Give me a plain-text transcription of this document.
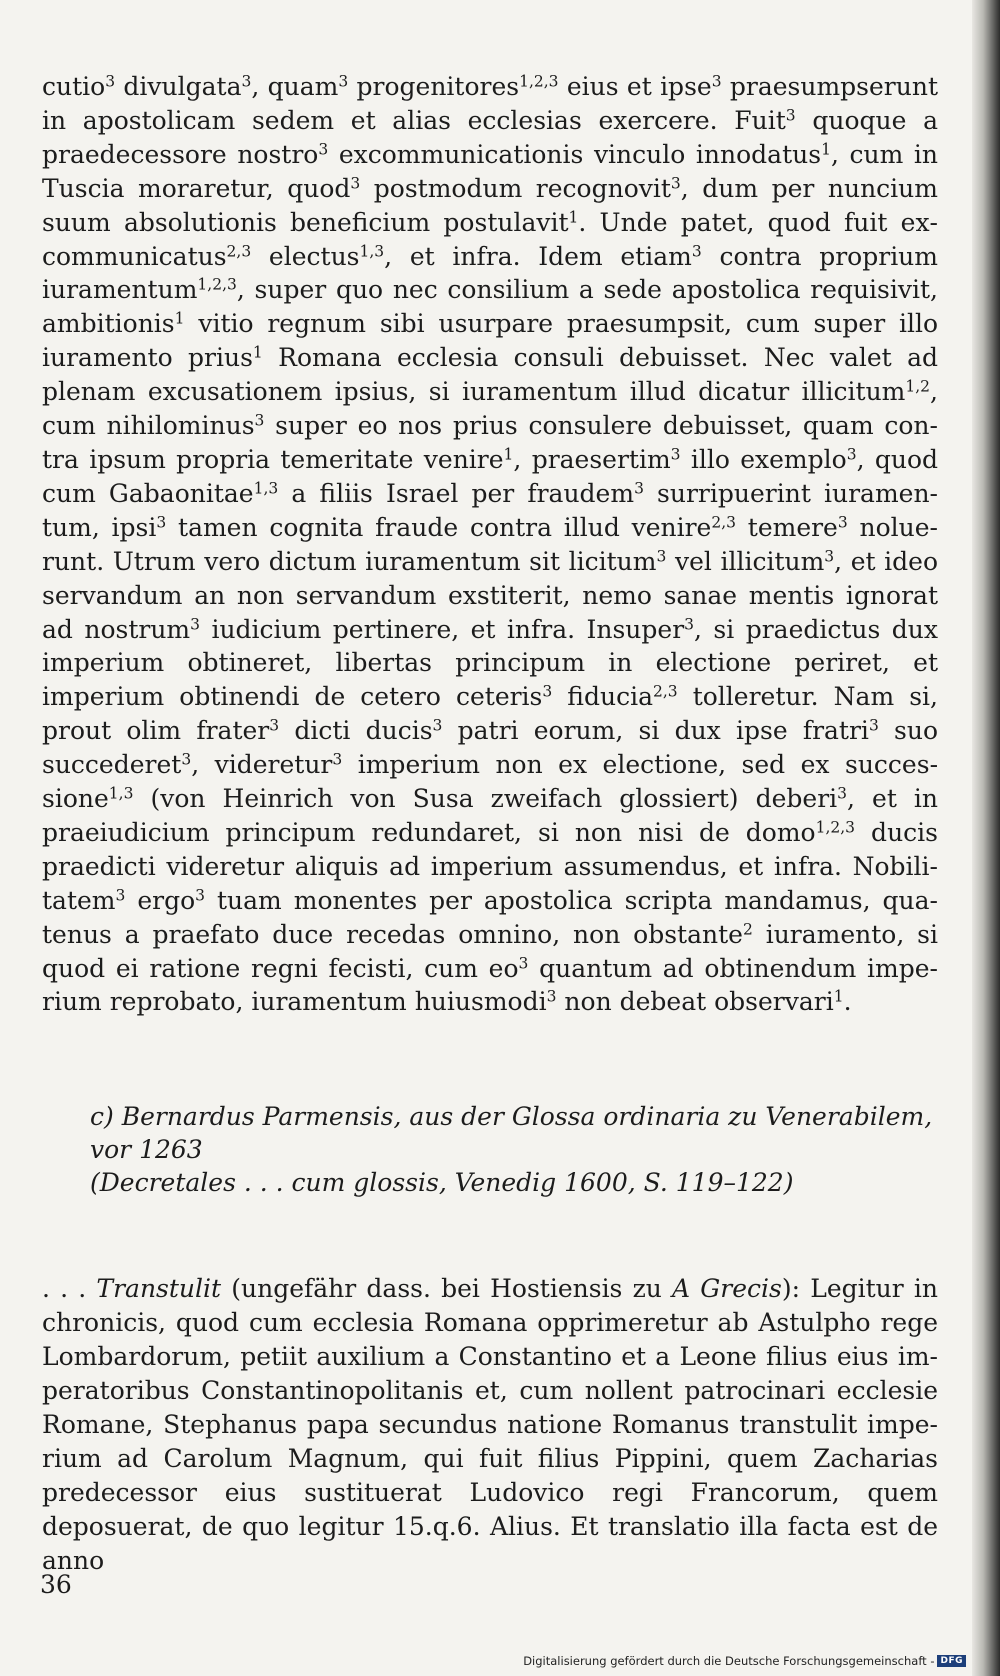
cutio$^3$ divulgata$^3$, quam$^3$ progenitores$^{1,2,3}$ eius et ipse$^3$ praesumpserunt in apostolicam sedem et alias ecclesias exercere. Fuit$^3$ quoque a praedecessore nostro$^3$ excommunicationis vinculo innodatus$^1$, cum in Tuscia moraretur, quod$^3$ postmodum recognovit$^3$, dum per nuncium suum absolutionis beneficium postulavit$^1$. Unde patet, quod fuit excommunicatus$^{2,3}$ electus$^{1,3}$, et infra. Idem etiam$^3$ contra proprium iuramentum$^{1,2,3}$, super quo nec consilium a sede apostolica requisivit, ambitionis$^1$ vitio regnum sibi usurpare praesumpsit, cum super illo iuramento prius$^1$ Romana ecclesia consuli debuisset. Nec valet ad plenam excusationem ipsius, si iuramentum illud dicatur illicitum$^{1,2}$, cum nihilominus$^3$ super eo nos prius consulere debuisset, quam contra ipsum propria temeritate venire$^1$, praesertim$^3$ illo exemplo$^3$, quod cum Gabaonitae$^{1,3}$ a filiis Israel per fraudem$^3$ surripuerint iuramentum, ipsi$^3$ tamen cognita fraude contra illud venire$^{2,3}$ temere$^3$ noluerunt. Utrum vero dictum iuramentum sit licitum$^3$ vel illicitum$^3$, et ideo servandum an non servandum exstiterit, nemo sanae mentis ignorat ad nostrum$^3$ iudicium pertinere, et infra. Insuper$^3$, si praedictus dux imperium obtineret, libertas principum in electione periret, et imperium obtinendi de cetero ceteris$^3$ fiducia$^{2,3}$ tolleretur. Nam si, prout olim frater$^3$ dicti ducis$^3$ patri eorum, si dux ipse fratri$^3$ suo succederet$^3$, videretur$^3$ imperium non ex electione, sed ex successione$^{1,3}$ (von Heinrich von Susa zweifach glossiert) deberi$^3$, et in praeiudicium principum redundaret, si non nisi de domo$^{1,2,3}$ ducis praedicti videretur aliquis ad imperium assumendus, et infra. Nobilitatem$^3$ ergo$^3$ tuam monentes per apostolica scripta mandamus, quatenus a praefato duce recedas omnino, non obstante$^2$ iuramento, si quod ei ratione regni fecisti, cum $eo^3$ quantum ad obtinendum imperium reprobato, iuramentum huiusmodi$^3$ non debeat observari$^1$.

c) Bernardus Parmensis, aus der Glossa ordinaria zu Venerabilem,
vor 1263
(Decretales . . . cum glossis, Venedig 1600, S. 119–122)

. . . Transtulit (ungefähr dass. bei Hostiensis zu A Grecis): Legitur in chronicis, quod cum ecclesia Romana opprimeretur ab Astulpho rege Lombardorum, petiit auxilium a Constantino et a Leone filius eius imperatoribus Constantinopolitanis et, cum nollent patrocinari ecclesie Romane, Stephanus papa secundus natione Romanus transtulit imperium ad Carolum Magnum, qui fuit filius Pippini, quem Zacharias predecessor eius sustituerat Ludovico regi Francorum, quem deposuerat, de quo legitur 15.q.6. Alius. Et translatio illa facta est de anno

36
Digitalisierung gefördert durch die Deutsche Forschungsgemeinschaft - DFG
